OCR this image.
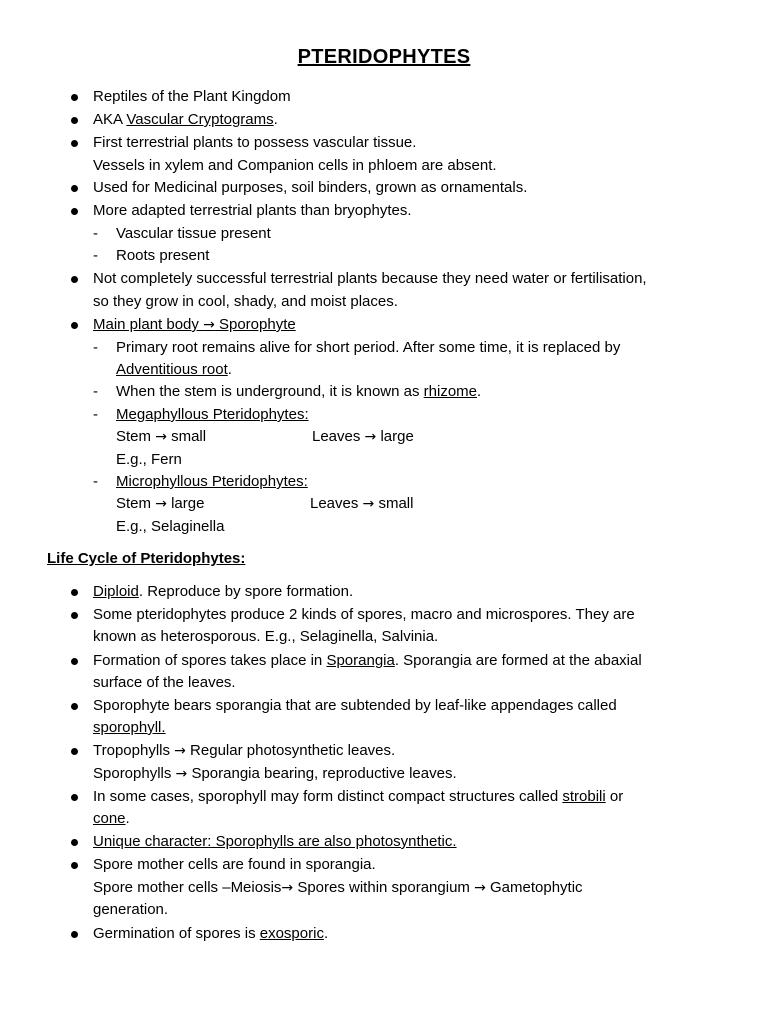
PTERIDOPHYTES
Reptiles of the Plant Kingdom
AKA Vascular Cryptograms.
First terrestrial plants to possess vascular tissue.
Vessels in xylem and Companion cells in phloem are absent.
Used for Medicinal purposes, soil binders, grown as ornamentals.
More adapted terrestrial plants than bryophytes.
- Vascular tissue present
- Roots present
Not completely successful terrestrial plants because they need water or fertilisation,
so they grow in cool, shady, and moist places.
Main plant body → Sporophyte
- Primary root remains alive for short period. After some time, it is replaced by
Adventitious root.
- When the stem is underground, it is known as rhizome.
- Megaphyllous Pteridophytes:
Stem → small	Leaves → large
E.g., Fern
- Microphyllous Pteridophytes:
Stem → large	Leaves → small
E.g., Selaginella
Life Cycle of Pteridophytes:
Diploid. Reproduce by spore formation.
Some pteridophytes produce 2 kinds of spores, macro and microspores. They are
known as heterosporous. E.g., Selaginella, Salvinia.
Formation of spores takes place in Sporangia. Sporangia are formed at the abaxial
surface of the leaves.
Sporophyte bears sporangia that are subtended by leaf-like appendages called
sporophyll.
Tropophylls → Regular photosynthetic leaves.
Sporophylls → Sporangia bearing, reproductive leaves.
In some cases, sporophyll may form distinct compact structures called strobili or
cone.
Unique character: Sporophylls are also photosynthetic.
Spore mother cells are found in sporangia.
Spore mother cells –Meiosis→ Spores within sporangium → Gametophytic
generation.
Germination of spores is exosporic.
